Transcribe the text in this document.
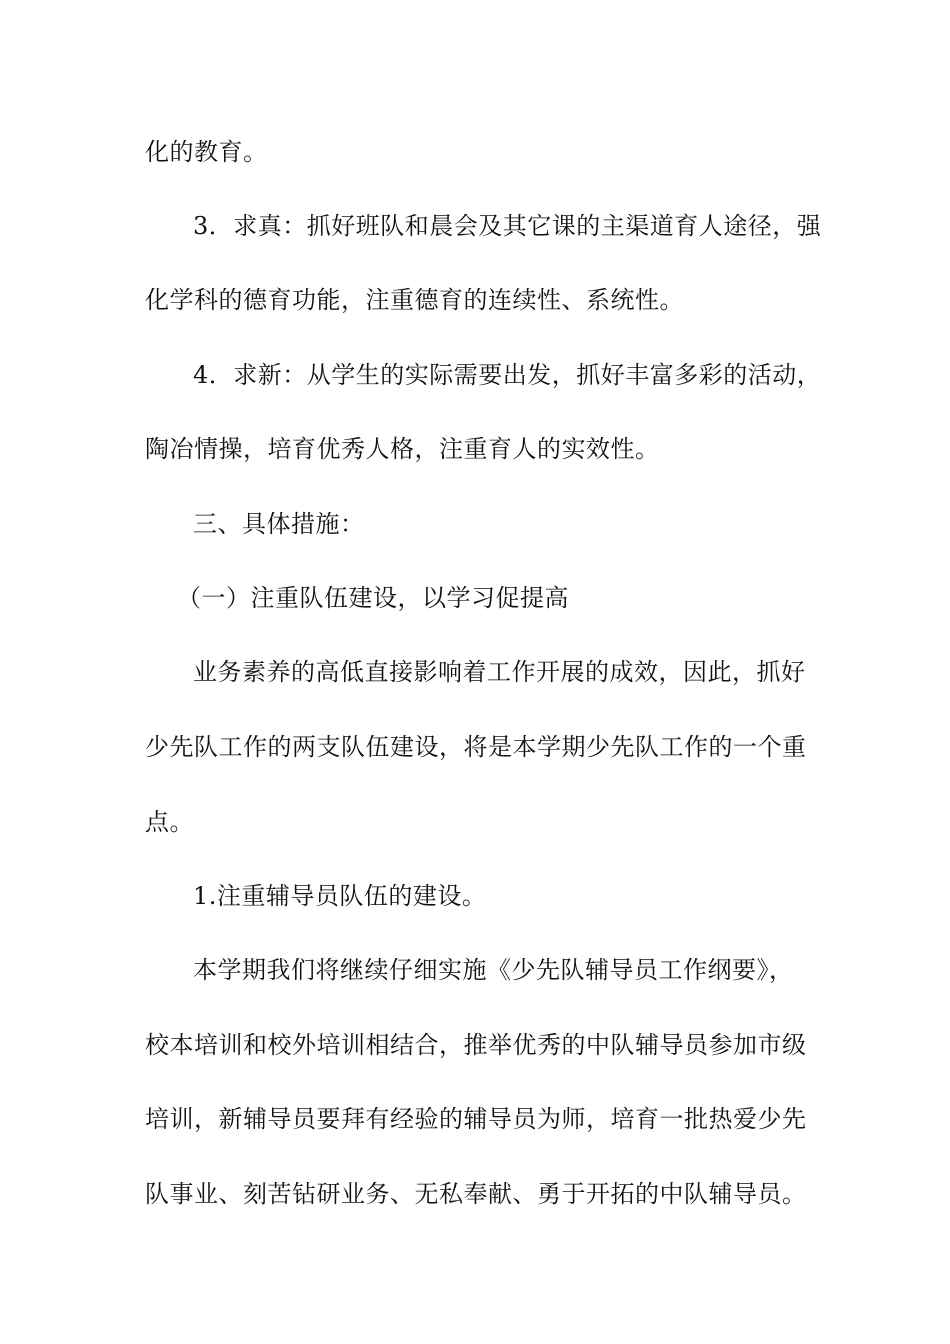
化的教育。
3．求真：抓好班队和晨会及其它课的主渠道育人途径，强
化学科的德育功能，注重德育的连续性、系统性。
4．求新：从学生的实际需要出发，抓好丰富多彩的活动，
陶冶情操，培育优秀人格，注重育人的实效性。
三、具体措施：
（一）注重队伍建设，以学习促提高
业务素养的高低直接影响着工作开展的成效，因此，抓好
少先队工作的两支队伍建设，将是本学期少先队工作的一个重
点。
1.注重辅导员队伍的建设。
本学期我们将继续仔细实施《少先队辅导员工作纲要》，
校本培训和校外培训相结合，推举优秀的中队辅导员参加市级
培训，新辅导员要拜有经验的辅导员为师，培育一批热爱少先
队事业、刻苦钻研业务、无私奉献、勇于开拓的中队辅导员。
